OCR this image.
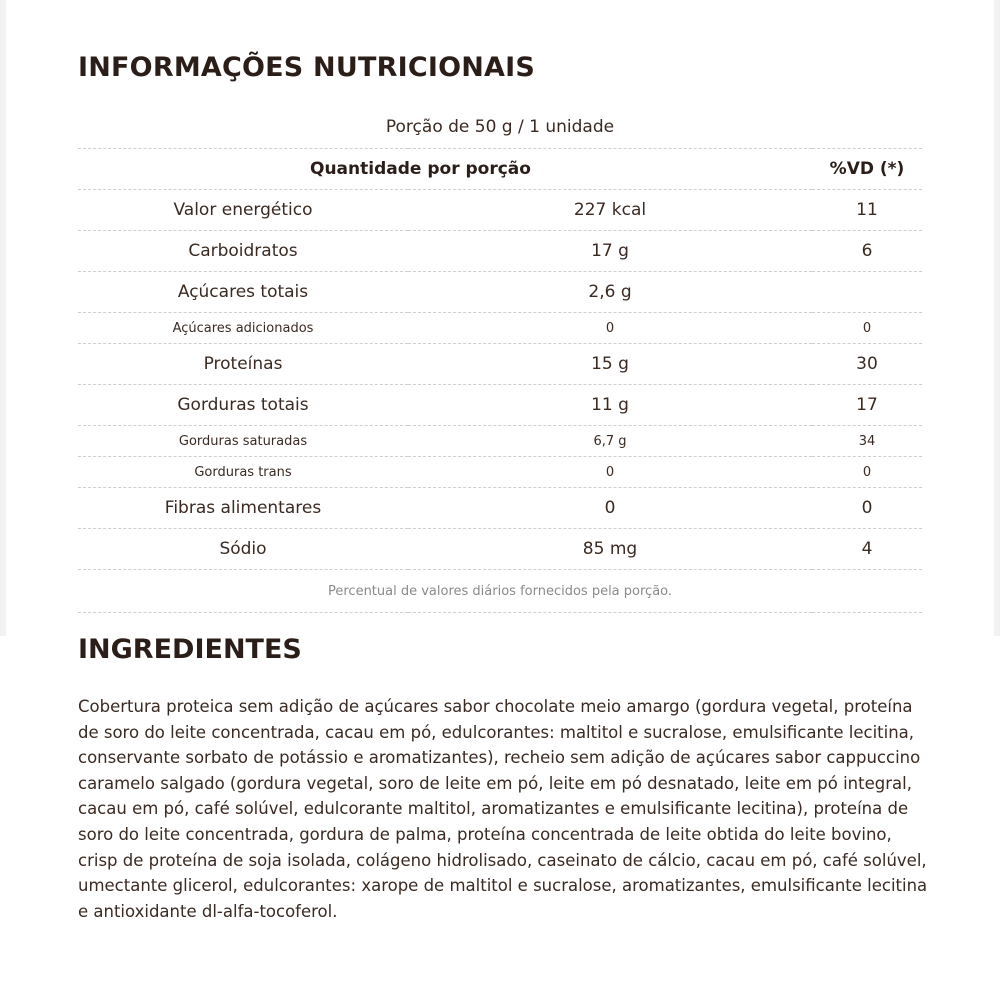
INFORMAÇÕES NUTRICIONAIS
Porção de 50 g / 1 unidade
	Quantidade por porção	%VD (*)
Valor energético	227 kcal	11
Carboidratos	17 g	6
Açúcares totais	2,6 g	
Açúcares adicionados	0	0
Proteínas	15 g	30
Gorduras totais	11 g	17
Gorduras saturadas	6,7 g	34
Gorduras trans	0	0
Fibras alimentares	0	0
Sódio	85 mg	4
Percentual de valores diários fornecidos pela porção.		
INGREDIENTES

Cobertura proteica sem adição de açúcares sabor chocolate meio amargo (gordura vegetal, proteína de soro do leite concentrada, cacau em pó, edulcorantes: maltitol e sucralose, emulsificante lecitina, conservante sorbato de potássio e aromatizantes), recheio sem adição de açúcares sabor cappuccino caramelo salgado (gordura vegetal, soro de leite em pó, leite em pó desnatado, leite em pó integral, cacau em pó, café solúvel, edulcorante maltitol, aromatizantes e emulsificante lecitina), proteína de soro do leite concentrada, gordura de palma, proteína concentrada de leite obtida do leite bovino, crisp de proteína de soja isolada, colágeno hidrolisado, caseinato de cálcio, cacau em pó, café solúvel, umectante glicerol, edulcorantes: xarope de maltitol e sucralose, aromatizantes, emulsificante lecitina e antioxidante dl-alfa-tocoferol.
